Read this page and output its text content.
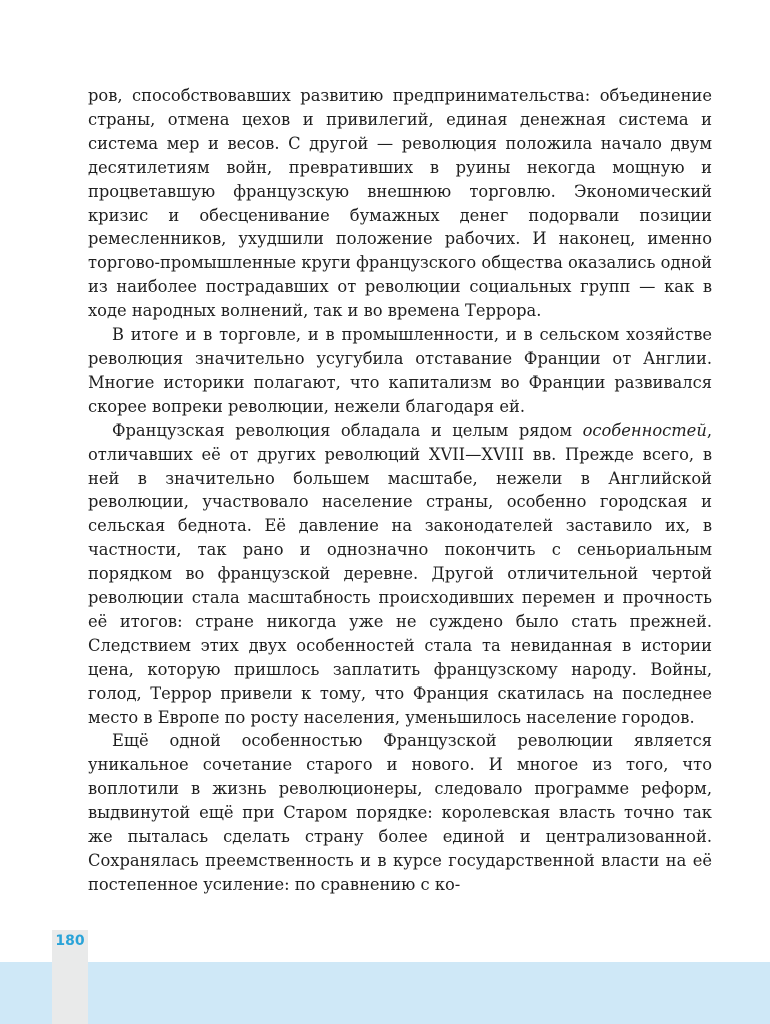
180

ров, способствовавших развитию предпринимательства: объединение страны, отмена цехов и привилегий, единая денежная система и система мер и весов. С другой — революция положила начало двум десятилетиям войн, превративших в руины некогда мощную и процветавшую французскую внешнюю торговлю. Экономический кризис и обесценивание бумажных денег подорвали позиции ремесленников, ухудшили положение рабочих. И наконец, именно торгово-промышленные круги французского общества оказались одной из наиболее пострадавших от революции социальных групп — как в ходе народных волнений, так и во времена Террора.

В итоге и в торговле, и в промышленности, и в сельском хозяйстве революция значительно усугубила отставание Франции от Англии. Многие историки полагают, что капитализм во Франции развивался скорее вопреки революции, нежели благодаря ей.

Французская революция обладала и целым рядом особенностей, отличавших её от других революций XVII—XVIII вв. Прежде всего, в ней в значительно большем масштабе, нежели в Английской революции, участвовало население страны, особенно городская и сельская беднота. Её давление на законодателей заставило их, в частности, так рано и однозначно покончить с сеньориальным порядком во французской деревне. Другой отличительной чертой революции стала масштабность происходивших перемен и прочность её итогов: стране никогда уже не суждено было стать прежней. Следствием этих двух особенностей стала та невиданная в истории цена, которую пришлось заплатить французскому народу. Войны, голод, Террор привели к тому, что Франция скатилась на последнее место в Европе по росту населения, уменьшилось население городов.

Ещё одной особенностью Французской революции является уникальное сочетание старого и нового. И многое из того, что воплотили в жизнь революционеры, следовало программе реформ, выдвинутой ещё при Старом порядке: королевская власть точно так же пыталась сделать страну более единой и централизованной. Сохранялась преемственность и в курсе государственной власти на её постепенное усиление: по сравнению с ко-
